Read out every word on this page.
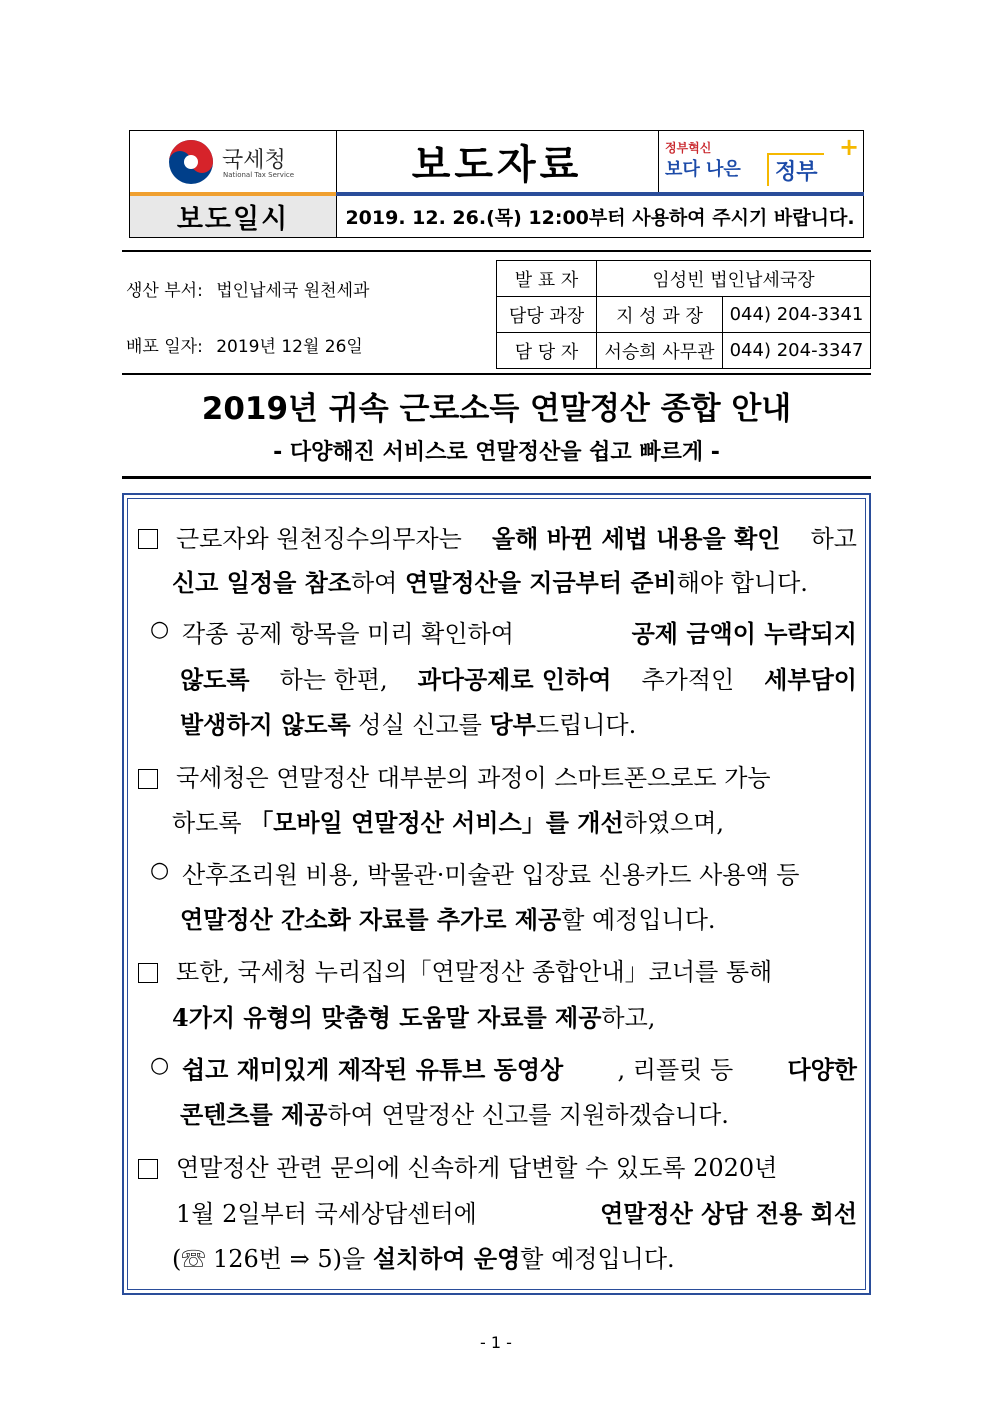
국세청
National Tax Service	보도자료	정부혁신
보다 나은	정부
+
보도일시	2019. 12. 26.(목) 12:00부터 사용하여 주시기 바랍니다.
생산 부서: 법인납세국 원천세과
배포 일자: 2019년 12월 26일
발 표 자	임성빈 법인납세국장
담당 과장	지 성 과 장	044) 204-3341
담 당 자	서승희 사무관 044) 204-3347
2019년 귀속 근로소득 연말정산 종합 안내
- 다양해진 서비스로 연말정산을 쉽고 빠르게 -
근로자와 원천징수의무자는 올해 바뀐 세법 내용을 확인 하고
신고 일정을 참조하여 연말정산을 지금부터 준비해야 합니다.
○ 각종 공제 항목을 미리 확인하여	공제 금액이 누락되지
않도록 하는 한편, 과다공제로 인하여 추가적인 세부담이
발생하지 않도록 성실 신고를 당부드립니다.
국세청은 연말정산 대부분의 과정이 스마트폰으로도 가능
하도록 「모바일 연말정산 서비스」를 개선하였으며,
○ 산후조리원 비용, 박물관·미술관 입장료 신용카드 사용액 등
연말정산 간소화 자료를 추가로 제공할 예정입니다.
또한, 국세청 누리집의「연말정산 종합안내」코너를 통해
4가지 유형의 맞춤형 도움말 자료를 제공하고,
○ 쉽고 재미있게 제작된 유튜브 동영상 , 리플릿 등 다양한
콘텐츠를 제공하여 연말정산 신고를 지원하겠습니다.
연말정산 관련 문의에 신속하게 답변할 수 있도록 2020년
1월 2일부터 국세상담센터에	연말정산 상담 전용 회선
(☏ 126번 ⇒ 5)을 설치하여 운영할 예정입니다.
- 1 -
